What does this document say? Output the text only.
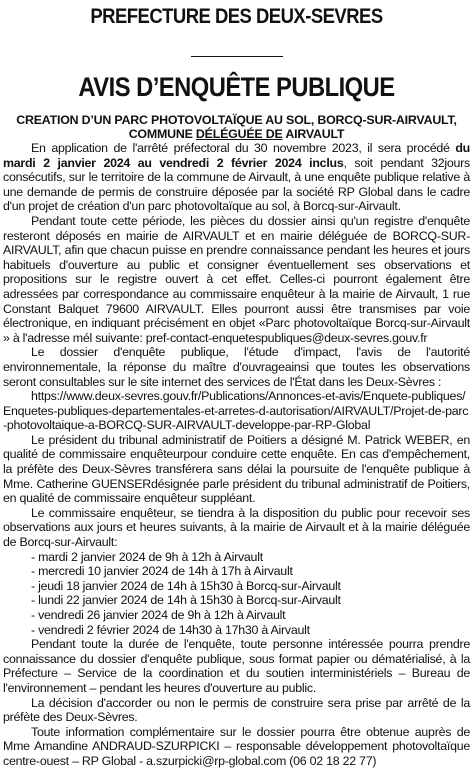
PREFECTURE DES DEUX-SEVRES
AVIS D’ENQUÊTE PUBLIQUE
CREATION D’UN PARC PHOTOVOLTAÏQUE AU SOL, BORCQ-SUR-AIRVAULT,
COMMUNE DÉLÉGUÉE DE AIRVAULT

En application de l'arrêté préfectoral du 30 novembre 2023, il sera procédé du mardi 2 janvier 2024 au vendredi 2 février 2024 inclus, soit pendant 32jours consécutifs, sur le territoire de la commune de Airvault, à une enquête publique relative à une demande de permis de construire déposée par la société RP Global dans le cadre d'un projet de création d'un parc photovoltaïque au sol, à Borcq-sur-Airvault.

Pendant toute cette période, les pièces du dossier ainsi qu'un registre d'enquête resteront déposés en mairie de AIRVAULT et en mairie déléguée de BORCQ-SUR-AIRVAULT, afin que chacun puisse en prendre connaissance pendant les heures et jours habituels d'ouverture au public et consigner éventuellement ses observations et propositions sur le registre ouvert à cet effet. Celles-ci pourront également être adressées par correspondance au commissaire enquêteur à la mairie de Airvault, 1 rue Constant Balquet 79600 AIRVAULT. Elles pourront aussi être transmises par voie électronique, en indiquant précisément en objet «Parc photovoltaïque Borcq-sur-Airvault » à l'adresse mél suivante: pref-contact-enquetespubliques@deux-sevres.gouv.fr

Le dossier d'enquête publique, l'étude d'impact, l'avis de l'autorité environnementale, la réponse du maître d'ouvrageainsi que toutes les observations seront consultables sur le site internet des services de l'État dans les Deux-Sèvres :

https://www.deux-sevres.gouv.fr/Publications/Annonces-et-avis/Enquete-publiques/Enquetes-publiques-departementales-et-arretes-d-autorisation/AIRVAULT/Projet-de-parc-photovoltaique-a-BORCQ-SUR-AIRVAULT-developpe-par-RP-Global

Le président du tribunal administratif de Poitiers a désigné M. Patrick WEBER, en qualité de commissaire enquêteurpour conduire cette enquête. En cas d'empêchement, la préfète des Deux-Sèvres transférera sans délai la poursuite de l'enquête publique à Mme. Catherine GUENSERdésignée parle président du tribunal administratif de Poitiers, en qualité de commissaire enquêteur suppléant.

Le commissaire enquêteur, se tiendra à la disposition du public pour recevoir ses observations aux jours et heures suivants, à la mairie de Airvault et à la mairie déléguée de Borcq-sur-Airvault:

- mardi 2 janvier 2024 de 9h à 12h à Airvault
- mercredi 10 janvier 2024 de 14h à 17h à Airvault
- jeudi 18 janvier 2024 de 14h à 15h30 à Borcq-sur-Airvault
- lundi 22 janvier 2024 de 14h à 15h30 à Borcq-sur-Airvault
- vendredi 26 janvier 2024 de 9h à 12h à Airvault
- vendredi 2 février 2024 de 14h30 à 17h30 à Airvault

Pendant toute la durée de l'enquête, toute personne intéressée pourra prendre connaissance du dossier d'enquête publique, sous format papier ou dématérialisé, à la Préfecture – Service de la coordination et du soutien interministériels – Bureau de l'environnement – pendant les heures d'ouverture au public.

La décision d'accorder ou non le permis de construire sera prise par arrêté de la préfète des Deux-Sèvres.

Toute information complémentaire sur le dossier pourra être obtenue auprès de Mme Amandine ANDRAUD-SZURPICKI – responsable développement photovoltaïque centre-ouest – RP Global - a.szurpicki@rp-global.com (06 02 18 22 77)
